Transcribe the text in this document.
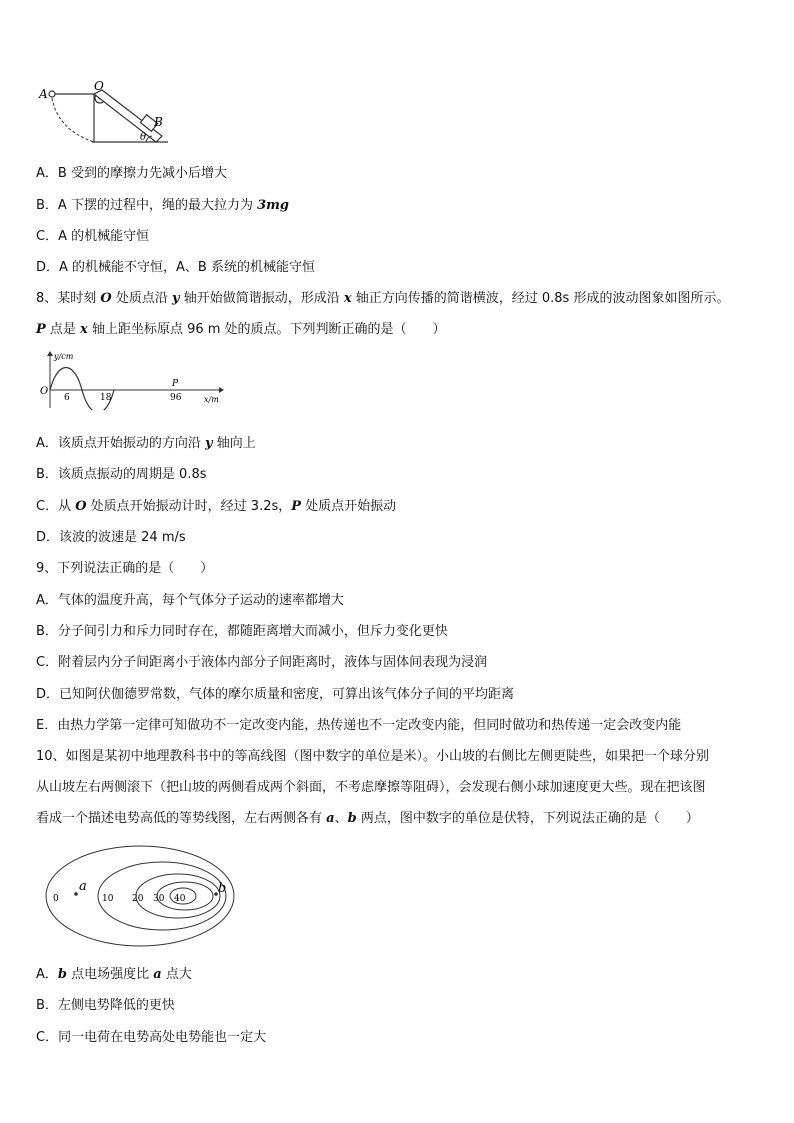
A
O
B
θ
A．B 受到的摩擦力先减小后增大
B．A 下摆的过程中，绳的最大拉力为 3mg
C．A 的机械能守恒
D．A 的机械能不守恒，A、B 系统的机械能守恒
8、某时刻 O 处质点沿 y 轴开始做简谐振动，形成沿 x 轴正方向传播的简谐横波，经过 0.8s 形成的波动图象如图所示。
P 点是 x 轴上距坐标原点 96 m 处的质点。下列判断正确的是（　　）
y/cm
O
6	18	96
P
x/m
A．该质点开始振动的方向沿 y 轴向上
B．该质点振动的周期是 0.8s
C．从 O 处质点开始振动计时，经过 3.2s，P 处质点开始振动
D．该波的波速是 24 m/s
9、下列说法正确的是（　　）
A．气体的温度升高，每个气体分子运动的速率都增大
B．分子间引力和斥力同时存在，都随距离增大而减小，但斥力变化更快
C．附着层内分子间距离小于液体内部分子间距离时，液体与固体间表现为浸润
D．已知阿伏伽德罗常数，气体的摩尔质量和密度，可算出该气体分子间的平均距离
E．由热力学第一定律可知做功不一定改变内能，热传递也不一定改变内能，但同时做功和热传递一定会改变内能
10、如图是某初中地理教科书中的等高线图（图中数字的单位是米）。小山坡的右侧比左侧更陡些，如果把一个球分别
从山坡左右两侧滚下（把山坡的两侧看成两个斜面，不考虑摩擦等阻碍），会发现右侧小球加速度更大些。现在把该图
看成一个描述电势高低的等势线图，左右两侧各有 a、b 两点，图中数字的单位是伏特，下列说法正确的是（　　）
0	10 20 30 40
a	b
A．b 点电场强度比 a 点大
B．左侧电势降低的更快
C．同一电荷在电势高处电势能也一定大
